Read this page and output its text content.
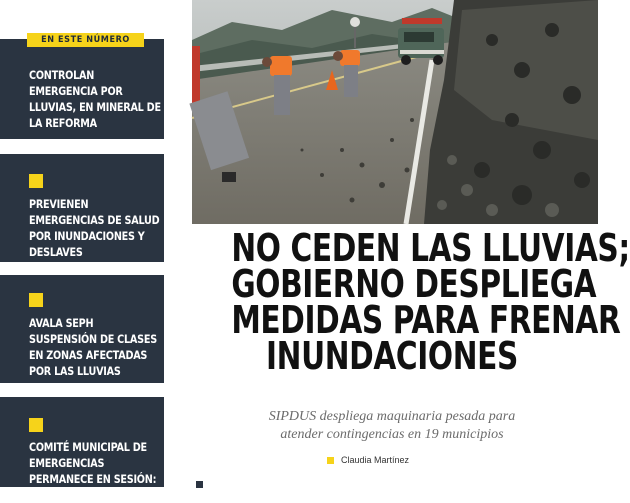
CONTROLAN EMERGENCIA POR LLUVIAS, EN MINERAL DE LA REFORMA
EN ESTE NÚMERO
PREVIENEN EMERGENCIAS DE SALUD POR INUNDACIONES Y DESLAVES
AVALA SEPH SUSPENSIÓN DE CLASES EN ZONAS AFECTADAS POR LAS LLUVIAS
COMITÉ MUNICIPAL DE EMERGENCIAS PERMANECE EN SESIÓN: JORGE REYES
NO CEDEN LAS LLUVIAS;
GOBIERNO DESPLIEGA
MEDIDAS PARA FRENAR
INUNDACIONES
SIPDUS despliega maquinaria pesada para
atender contingencias en 19 municipios
Claudia Martínez
